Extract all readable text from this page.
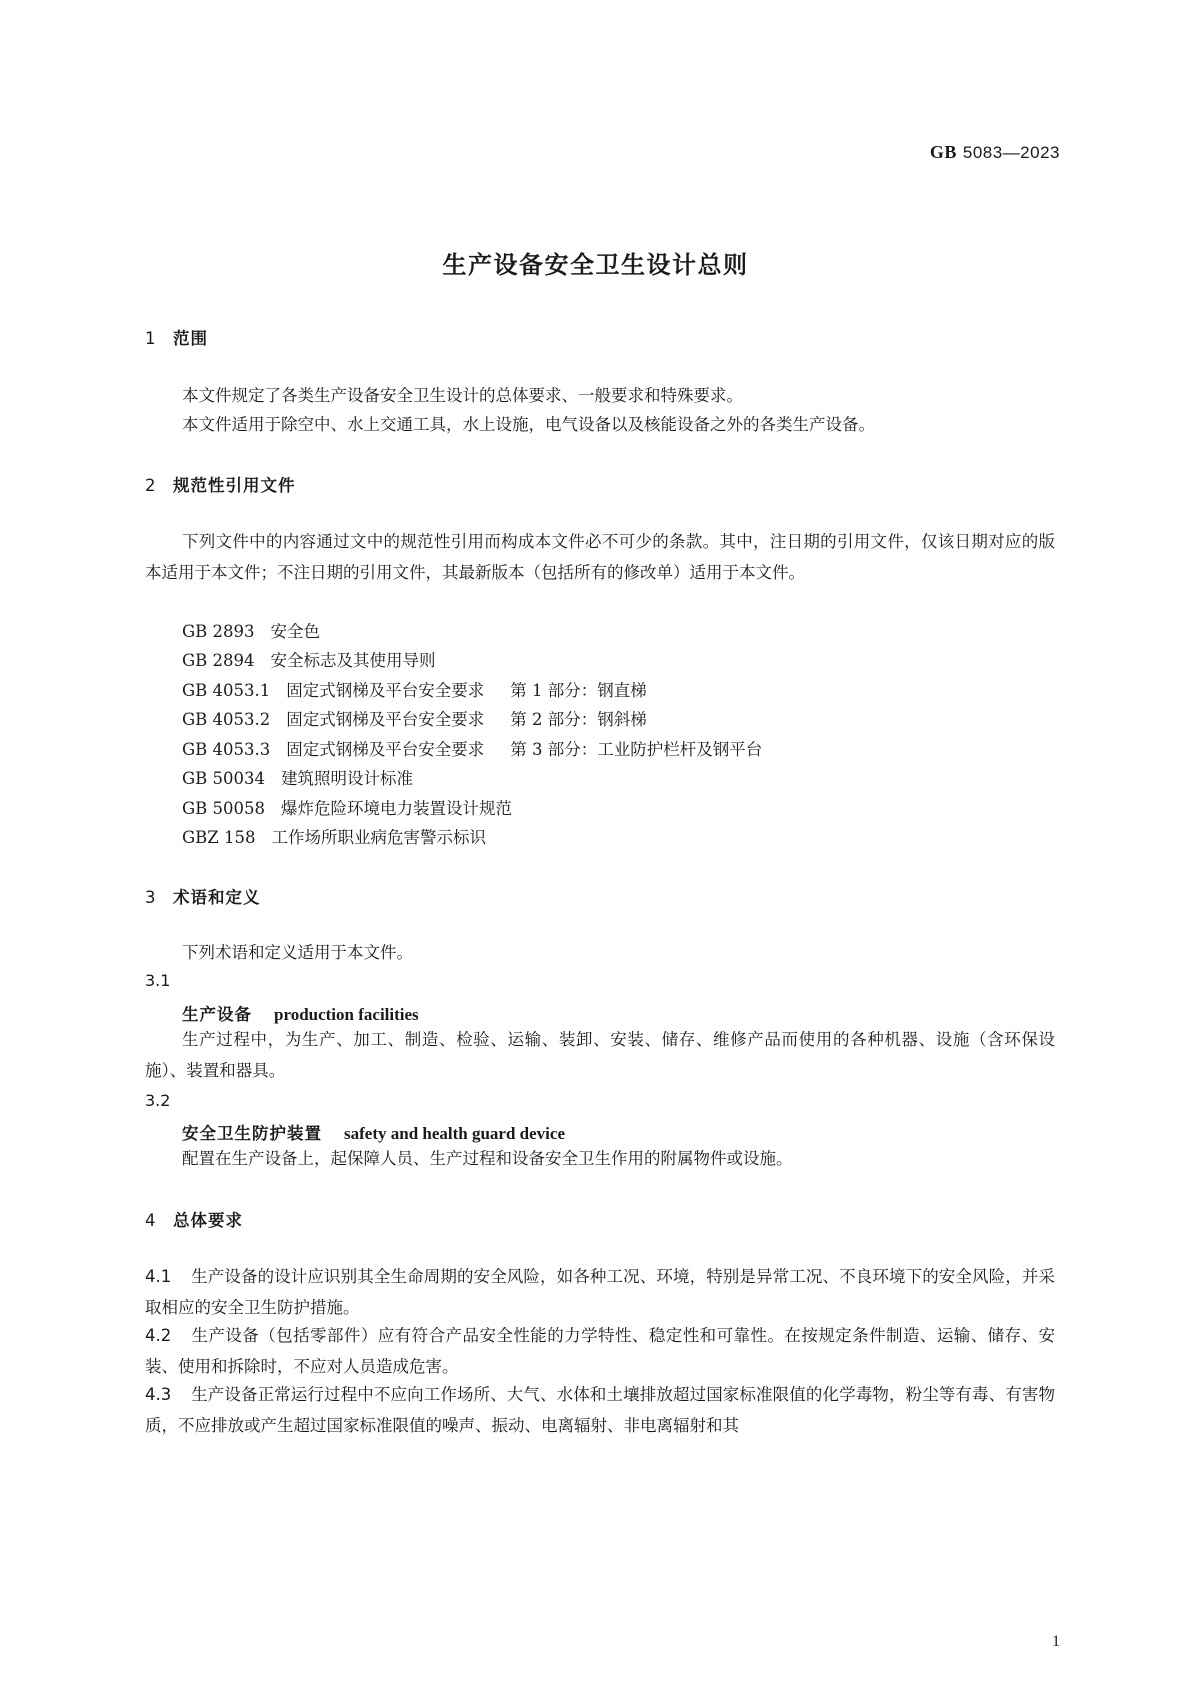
GB 5083—2023
生产设备安全卫生设计总则
1 范围
本文件规定了各类生产设备安全卫生设计的总体要求、一般要求和特殊要求。
本文件适用于除空中、水上交通工具，水上设施，电气设备以及核能设备之外的各类生产设备。
2 规范性引用文件
下列文件中的内容通过文中的规范性引用而构成本文件必不可少的条款。其中，注日期的引用文件，仅该日期对应的版本适用于本文件；不注日期的引用文件，其最新版本（包括所有的修改单）适用于本文件。
GB 2893 安全色
GB 2894 安全标志及其使用导则
GB 4053.1 固定式钢梯及平台安全要求 第 1 部分：钢直梯
GB 4053.2 固定式钢梯及平台安全要求 第 2 部分：钢斜梯
GB 4053.3 固定式钢梯及平台安全要求 第 3 部分：工业防护栏杆及钢平台
GB 50034 建筑照明设计标准
GB 50058 爆炸危险环境电力装置设计规范
GBZ 158 工作场所职业病危害警示标识
3 术语和定义
下列术语和定义适用于本文件。
3.1
生产设备 production facilities
生产过程中，为生产、加工、制造、检验、运输、装卸、安装、储存、维修产品而使用的各种机器、设施（含环保设施）、装置和器具。
3.2
安全卫生防护装置 safety and health guard device
配置在生产设备上，起保障人员、生产过程和设备安全卫生作用的附属物件或设施。
4 总体要求
4.1 生产设备的设计应识别其全生命周期的安全风险，如各种工况、环境，特别是异常工况、不良环境下的安全风险，并采取相应的安全卫生防护措施。
4.2 生产设备（包括零部件）应有符合产品安全性能的力学特性、稳定性和可靠性。在按规定条件制造、运输、储存、安装、使用和拆除时，不应对人员造成危害。
4.3 生产设备正常运行过程中不应向工作场所、大气、水体和土壤排放超过国家标准限值的化学毒物，粉尘等有毒、有害物质，不应排放或产生超过国家标准限值的噪声、振动、电离辐射、非电离辐射和其
1
